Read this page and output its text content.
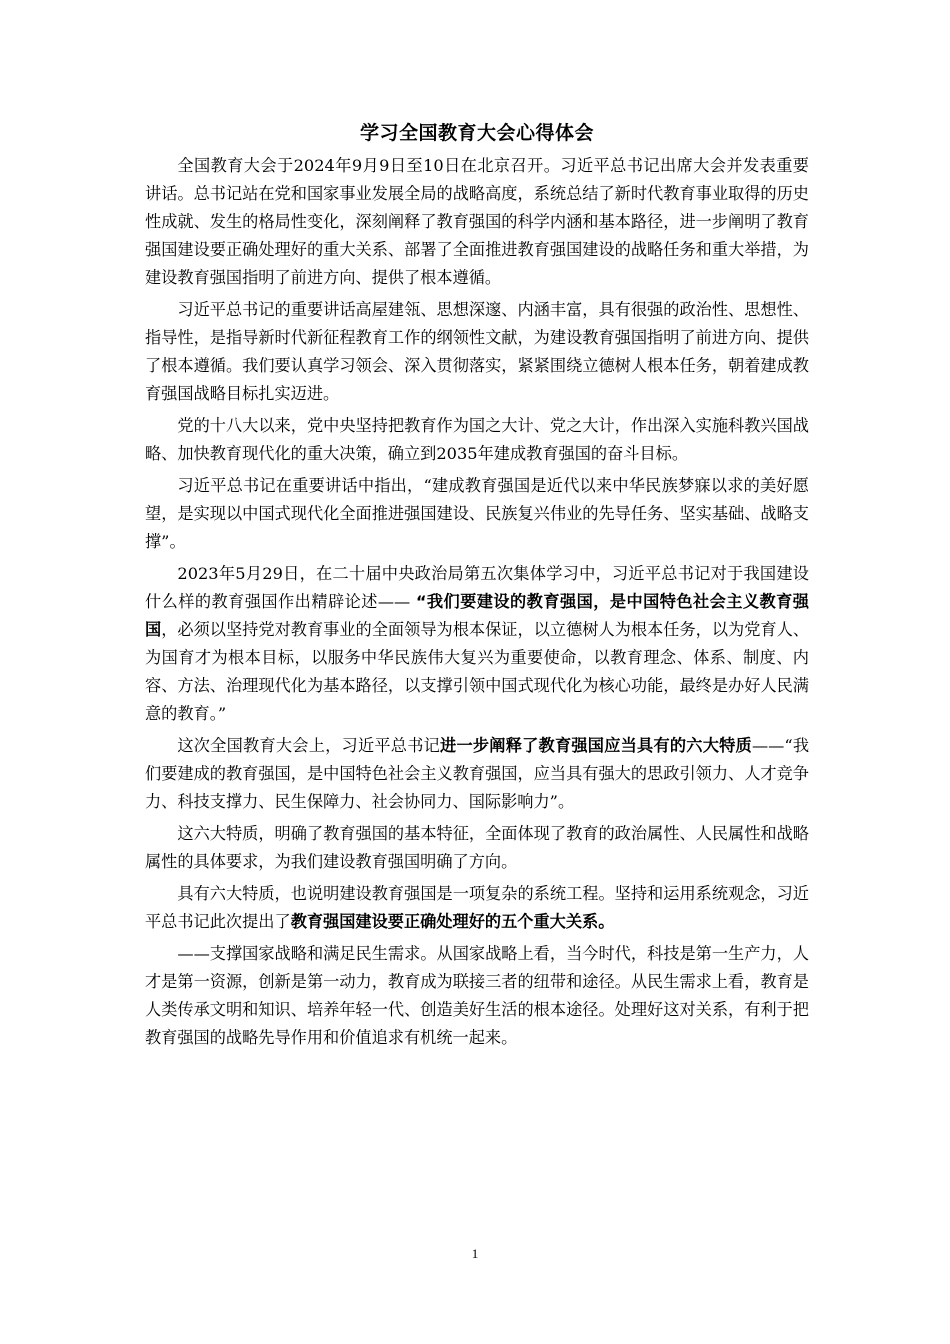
学习全国教育大会心得体会

全国教育大会于2024年9月9日至10日在北京召开。习近平总书记出席大会并发表重要讲话。总书记站在党和国家事业发展全局的战略高度，系统总结了新时代教育事业取得的历史性成就、发生的格局性变化，深刻阐释了教育强国的科学内涵和基本路径，进一步阐明了教育强国建设要正确处理好的重大关系、部署了全面推进教育强国建设的战略任务和重大举措，为建设教育强国指明了前进方向、提供了根本遵循。

习近平总书记的重要讲话高屋建瓴、思想深邃、内涵丰富，具有很强的政治性、思想性、指导性，是指导新时代新征程教育工作的纲领性文献，为建设教育强国指明了前进方向、提供了根本遵循。我们要认真学习领会、深入贯彻落实，紧紧围绕立德树人根本任务，朝着建成教育强国战略目标扎实迈进。

党的十八大以来，党中央坚持把教育作为国之大计、党之大计，作出深入实施科教兴国战略、加快教育现代化的重大决策，确立到2035年建成教育强国的奋斗目标。

习近平总书记在重要讲话中指出，“建成教育强国是近代以来中华民族梦寐以求的美好愿望，是实现以中国式现代化全面推进强国建设、民族复兴伟业的先导任务、坚实基础、战略支撑”。

2023年5月29日，在二十届中央政治局第五次集体学习中，习近平总书记对于我国建设什么样的教育强国作出精辟论述—— “我们要建设的教育强国，是中国特色社会主义教育强国，必须以坚持党对教育事业的全面领导为根本保证，以立德树人为根本任务，以为党育人、为国育才为根本目标，以服务中华民族伟大复兴为重要使命，以教育理念、体系、制度、内容、方法、治理现代化为基本路径，以支撑引领中国式现代化为核心功能，最终是办好人民满意的教育。”

这次全国教育大会上，习近平总书记进一步阐释了教育强国应当具有的六大特质——“我们要建成的教育强国，是中国特色社会主义教育强国，应当具有强大的思政引领力、人才竞争力、科技支撑力、民生保障力、社会协同力、国际影响力”。

这六大特质，明确了教育强国的基本特征，全面体现了教育的政治属性、人民属性和战略属性的具体要求，为我们建设教育强国明确了方向。

具有六大特质，也说明建设教育强国是一项复杂的系统工程。坚持和运用系统观念，习近平总书记此次提出了教育强国建设要正确处理好的五个重大关系。

——支撑国家战略和满足民生需求。从国家战略上看，当今时代，科技是第一生产力，人才是第一资源，创新是第一动力，教育成为联接三者的纽带和途径。从民生需求上看，教育是人类传承文明和知识、培养年轻一代、创造美好生活的根本途径。处理好这对关系，有利于把教育强国的战略先导作用和价值追求有机统一起来。

1
